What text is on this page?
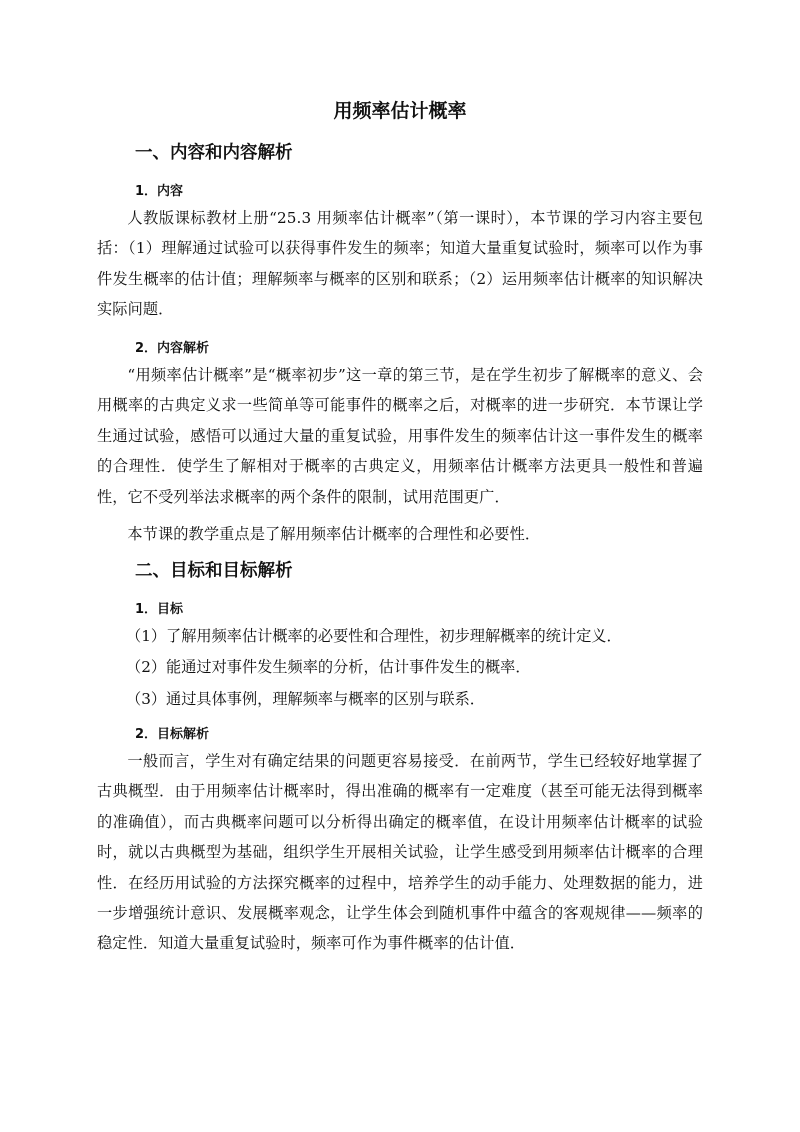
用频率估计概率
一、内容和内容解析
1．内容

人教版课标教材上册“25.3 用频率估计概率”（第一课时），本节课的学习内容主要包括：（1）理解通过试验可以获得事件发生的频率；知道大量重复试验时，频率可以作为事件发生概率的估计值；理解频率与概率的区别和联系；（2）运用频率估计概率的知识解决实际问题．

2．内容解析

“用频率估计概率”是“概率初步”这一章的第三节，是在学生初步了解概率的意义、会用概率的古典定义求一些简单等可能事件的概率之后，对概率的进一步研究．本节课让学生通过试验，感悟可以通过大量的重复试验，用事件发生的频率估计这一事件发生的概率的合理性．使学生了解相对于概率的古典定义，用频率估计概率方法更具一般性和普遍性，它不受列举法求概率的两个条件的限制，试用范围更广．

本节课的教学重点是了解用频率估计概率的合理性和必要性．

二、目标和目标解析
1．目标

（1）了解用频率估计概率的必要性和合理性，初步理解概率的统计定义．

（2）能通过对事件发生频率的分析，估计事件发生的概率．

（3）通过具体事例，理解频率与概率的区别与联系．

2．目标解析

一般而言，学生对有确定结果的问题更容易接受．在前两节，学生已经较好地掌握了古典概型．由于用频率估计概率时，得出准确的概率有一定难度（甚至可能无法得到概率的准确值），而古典概率问题可以分析得出确定的概率值，在设计用频率估计概率的试验时，就以古典概型为基础，组织学生开展相关试验，让学生感受到用频率估计概率的合理性．在经历用试验的方法探究概率的过程中，培养学生的动手能力、处理数据的能力，进一步增强统计意识、发展概率观念，让学生体会到随机事件中蕴含的客观规律——频率的稳定性．知道大量重复试验时，频率可作为事件概率的估计值．
